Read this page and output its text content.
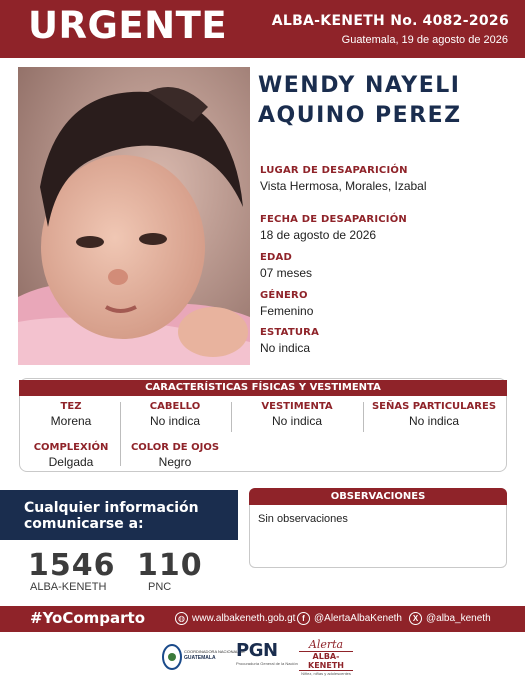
URGENTE	ALBA-KENETH No. 4082-2026
Guatemala, 19 de agosto de 2026
WENDY NAYELI
AQUINO PEREZ
LUGAR DE DESAPARICIÓN
Vista Hermosa, Morales, Izabal
FECHA DE DESAPARICIÓN
18 de agosto de 2026
EDAD
07 meses
GÉNERO
Femenino
ESTATURA
No indica
CARACTERÍSTICAS FÍSICAS Y VESTIMENTA
TEZ
Morena
CABELLO
No indica
VESTIMENTA
No indica
SEÑAS PARTICULARES
No indica
COMPLEXIÓN
Delgada
COLOR DE OJOS
Negro
Cualquier información comunicarse a:
1546
ALBA-KENETH
110
PNC
OBSERVACIONES
Sin observaciones
#YoComparto	◍ www.albakeneth.gob.gt f @AlertaAlbaKeneth	X @alba_keneth
COORDINADORA NACIONAL DE
GUATEMALA PGN
Procuraduría General de la Nación
Alerta
ALBA-KENETH
Niñez, niñas y adolescentes
